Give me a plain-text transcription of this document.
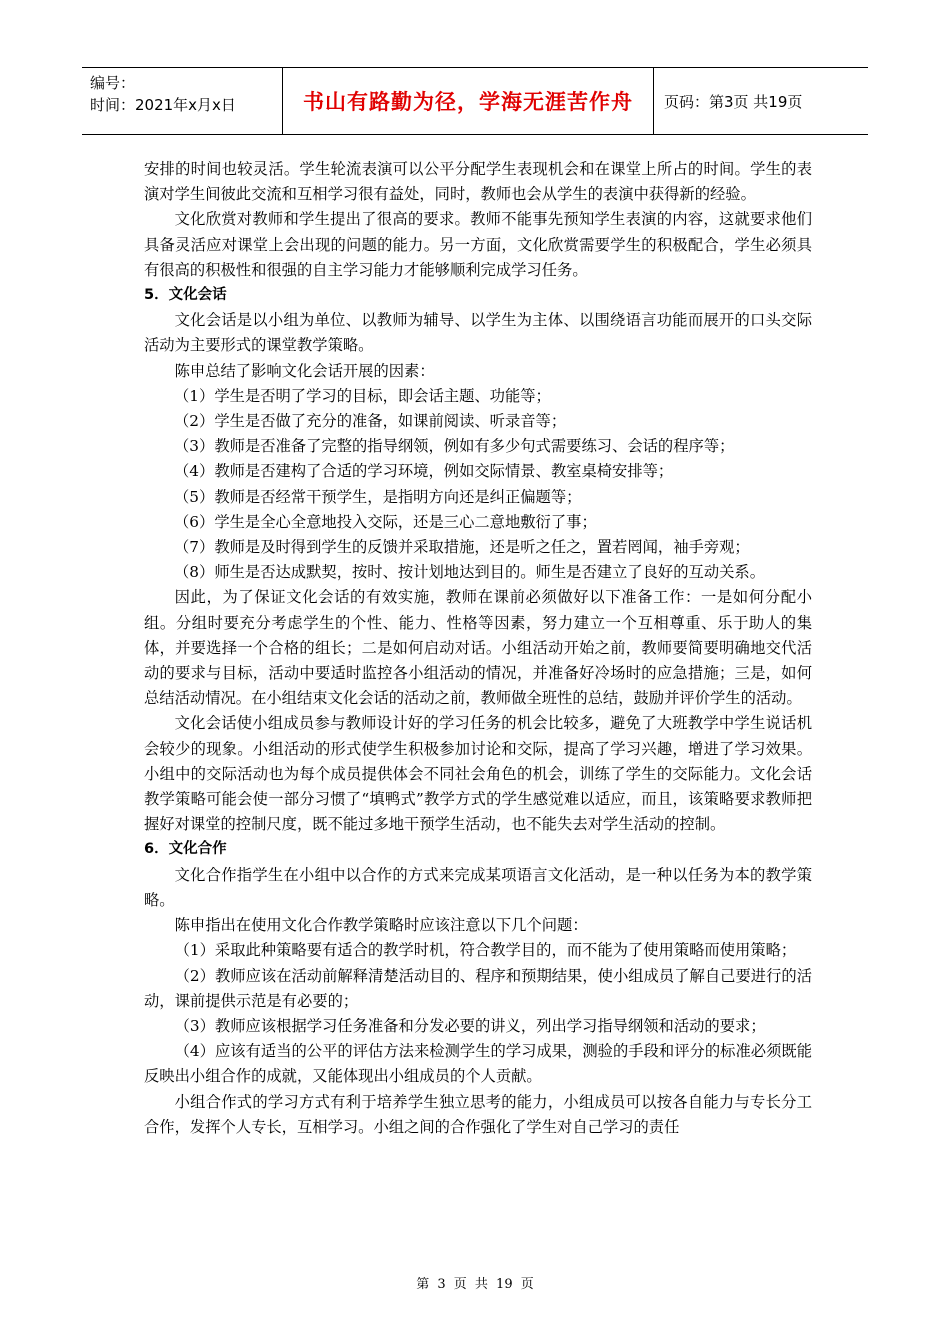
编号：
时间：2021年x月x日	书山有路勤为径，学海无涯苦作舟	页码：第3页 共19页

安排的时间也较灵活。学生轮流表演可以公平分配学生表现机会和在课堂上所占的时间。学生的表演对学生间彼此交流和互相学习很有益处，同时，教师也会从学生的表演中获得新的经验。

文化欣赏对教师和学生提出了很高的要求。教师不能事先预知学生表演的内容，这就要求他们具备灵活应对课堂上会出现的问题的能力。另一方面，文化欣赏需要学生的积极配合，学生必须具有很高的积极性和很强的自主学习能力才能够顺利完成学习任务。

5．文化会话

文化会话是以小组为单位、以教师为辅导、以学生为主体、以围绕语言功能而展开的口头交际活动为主要形式的课堂教学策略。

陈申总结了影响文化会话开展的因素：

（1）学生是否明了学习的目标，即会话主题、功能等；

（2）学生是否做了充分的准备，如课前阅读、听录音等；

（3）教师是否准备了完整的指导纲领，例如有多少句式需要练习、会话的程序等；

（4）教师是否建构了合适的学习环境，例如交际情景、教室桌椅安排等；

（5）教师是否经常干预学生，是指明方向还是纠正偏题等；

（6）学生是全心全意地投入交际，还是三心二意地敷衍了事；

（7）教师是及时得到学生的反馈并采取措施，还是听之任之，置若罔闻，袖手旁观；

（8）师生是否达成默契，按时、按计划地达到目的。师生是否建立了良好的互动关系。

因此，为了保证文化会话的有效实施，教师在课前必须做好以下准备工作：一是如何分配小组。分组时要充分考虑学生的个性、能力、性格等因素，努力建立一个互相尊重、乐于助人的集体，并要选择一个合格的组长；二是如何启动对话。小组活动开始之前，教师要简要明确地交代活动的要求与目标，活动中要适时监控各小组活动的情况，并准备好冷场时的应急措施；三是，如何总结活动情况。在小组结束文化会话的活动之前，教师做全班性的总结，鼓励并评价学生的活动。

文化会话使小组成员参与教师设计好的学习任务的机会比较多，避免了大班教学中学生说话机会较少的现象。小组活动的形式使学生积极参加讨论和交际，提高了学习兴趣，增进了学习效果。小组中的交际活动也为每个成员提供体会不同社会角色的机会，训练了学生的交际能力。文化会话教学策略可能会使一部分习惯了“填鸭式”教学方式的学生感觉难以适应，而且，该策略要求教师把握好对课堂的控制尺度，既不能过多地干预学生活动，也不能失去对学生活动的控制。

6．文化合作

文化合作指学生在小组中以合作的方式来完成某项语言文化活动，是一种以任务为本的教学策略。

陈申指出在使用文化合作教学策略时应该注意以下几个问题：

（1）采取此种策略要有适合的教学时机，符合教学目的，而不能为了使用策略而使用策略；

（2）教师应该在活动前解释清楚活动目的、程序和预期结果，使小组成员了解自己要进行的活动，课前提供示范是有必要的；

（3）教师应该根据学习任务准备和分发必要的讲义，列出学习指导纲领和活动的要求；

（4）应该有适当的公平的评估方法来检测学生的学习成果，测验的手段和评分的标准必须既能反映出小组合作的成就，又能体现出小组成员的个人贡献。

小组合作式的学习方式有利于培养学生独立思考的能力，小组成员可以按各自能力与专长分工合作，发挥个人专长，互相学习。小组之间的合作强化了学生对自己学习的责任

第 3 页 共 19 页
